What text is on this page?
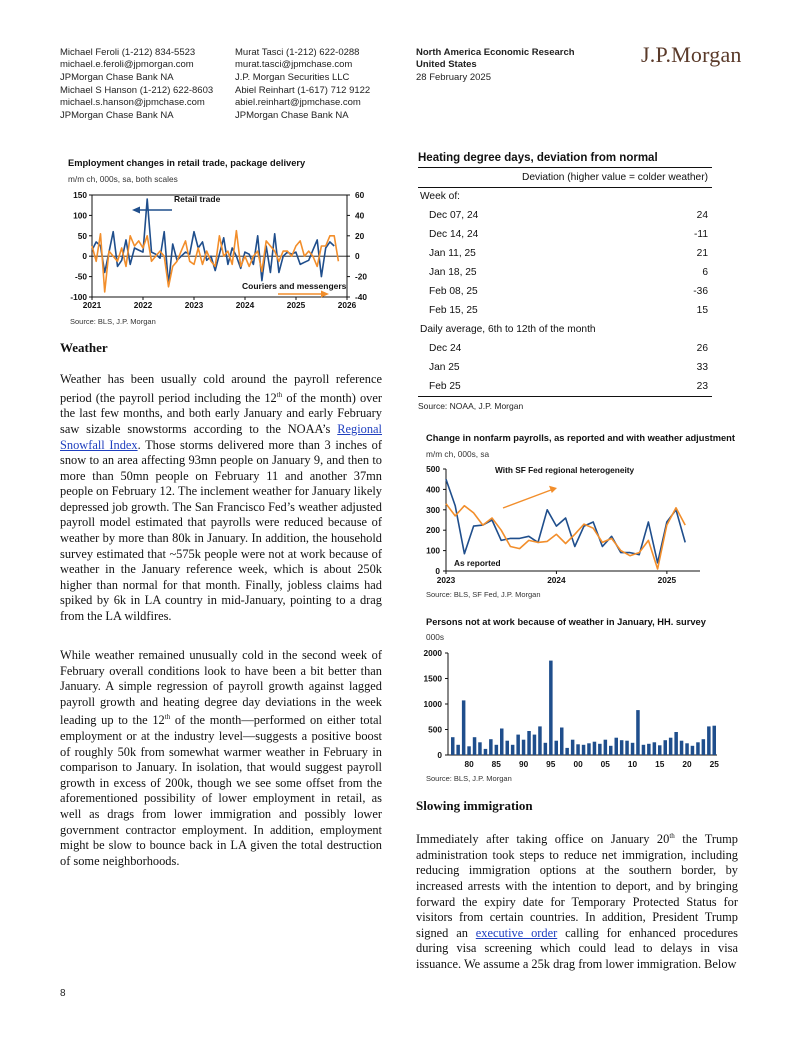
Michael Feroli (1-212) 834-5523
michael.e.feroli@jpmorgan.com
JPMorgan Chase Bank NA
Murat Tasci (1-212) 622-0288
murat.tasci@jpmchase.com
J.P. Morgan Securities LLC
Michael S Hanson (1-212) 622-8603
michael.s.hanson@jpmchase.com
JPMorgan Chase Bank NA
Abiel Reinhart (1-617) 712 9122
abiel.reinhart@jpmchase.com
JPMorgan Chase Bank NA
North America Economic Research
United States
28 February 2025
J.P.Morgan
Employment changes in retail trade, package delivery
m/m ch, 000s, sa, both scales
-100
-50
0
50
100
150
-40
-20
0
20
40
60
2021	2022	2023	2024	2025	2026
Retail trade
Couriers and messengers
Source: BLS, J.P. Morgan
Weather
Weather has been usually cold around the payroll reference period (the payroll period including the 12th of the month) over the last few months, and both early January and early February saw sizable snowstorms according to the NOAA’s Regional Snowfall Index. Those storms delivered more than 3 inches of snow to an area affecting 93mn people on January 9, and then to more than 50mn people on February 11 and another 37mn people on February 12. The inclement weather for January likely depressed job growth. The San Francisco Fed’s weather adjusted payroll model estimated that payrolls were reduced because of weather by more than 80k in January. In addition, the household survey estimated that ~575k people were not at work because of weather in the January reference week, which is about 250k higher than normal for that month. Finally, jobless claims had spiked by 6k in LA country in mid-January, pointing to a drag from the LA wildfires.
While weather remained unusually cold in the second week of February overall conditions look to have been a bit better than January. A simple regression of payroll growth against lagged payroll growth and heating degree day deviations in the week leading up to the 12th of the month—performed on either total employment or at the industry level—suggests a positive boost of roughly 50k from somewhat warmer weather in February in comparison to January. In isolation, that would suggest payroll growth in excess of 200k, though we see some offset from the aforementioned possibility of lower employment in retail, as well as drags from lower immigration and possibly lower government contractor employment. In addition, employment might be slow to bounce back in LA given the total destruction of some neighborhoods.
Heating degree days, deviation from normal
Deviation (higher value = colder weather)	
Week of:	
Dec 07, 24	24
Dec 14, 24	-11
Jan 11, 25	21
Jan 18, 25	6
Feb 08, 25	-36
Feb 15, 25	15
Daily average, 6th to 12th of the month	
Dec 24	26
Jan 25	33
Feb 25	23
Source: NOAA, J.P. Morgan
Change in nonfarm payrolls, as reported and with weather adjustment
m/m ch, 000s, sa
0
100
200
300
400
500
2023	2024	2025
With SF Fed regional heterogeneity
As reported
Source: BLS, SF Fed, J.P. Morgan
Persons not at work because of weather in January, HH. survey
000s
0
500
1000
1500
2000
80 85 90 95 00 05 10 15 20 25
Source: BLS, J.P. Morgan
Slowing immigration
Immediately after taking office on January 20th the Trump administration took steps to reduce net immigration, including reducing immigration options at the southern border, by increased arrests with the intention to deport, and by bringing forward the expiry date for Temporary Protected Status for visitors from certain countries. In addition, President Trump signed an executive order calling for enhanced procedures during visa screening which could lead to delays in visa issuance. We assume a 25k drag from lower immigration. Below
8
